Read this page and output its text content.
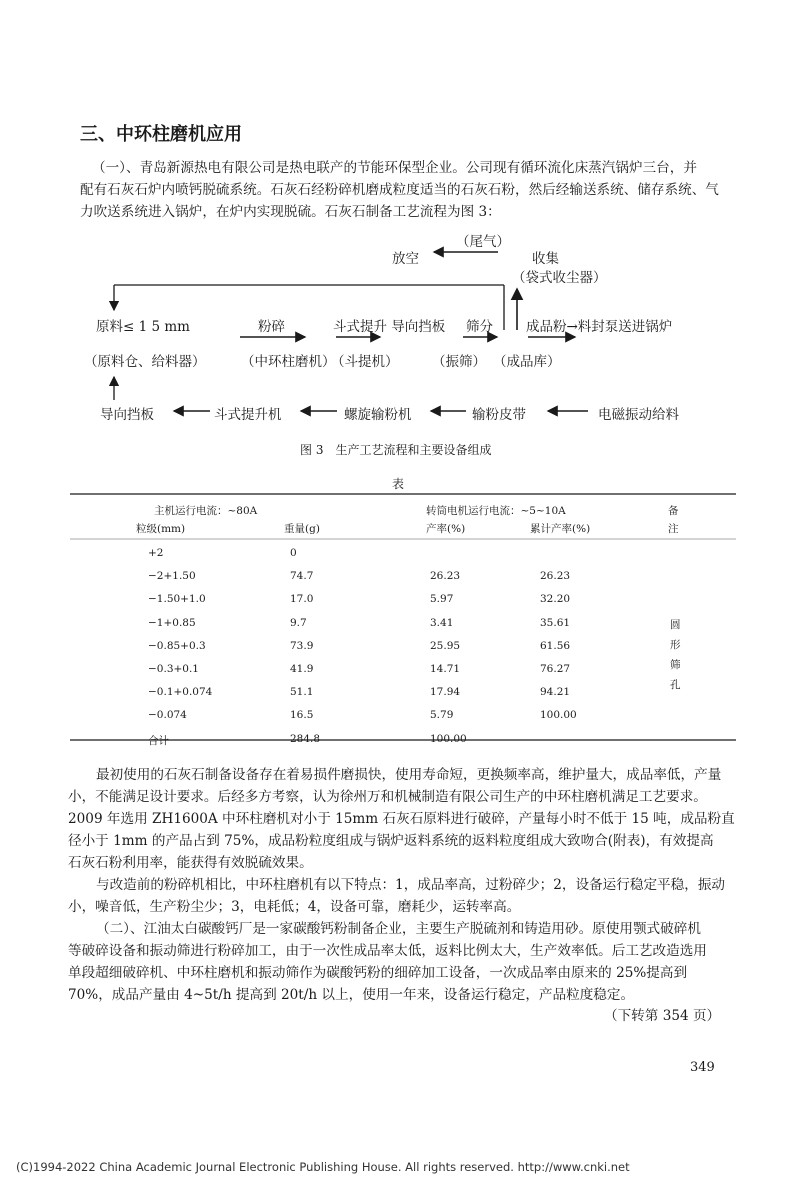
三、中环柱磨机应用
（一）、青岛新源热电有限公司是热电联产的节能环保型企业。公司现有循环流化床蒸汽锅炉三台，并
配有石灰石炉内喷钙脱硫系统。石灰石经粉碎机磨成粒度适当的石灰石粉，然后经输送系统、储存系统、气
力吹送系统进入锅炉，在炉内实现脱硫。石灰石制备工艺流程为图 3：
（尾气）
放空	收集
（袋式收尘器）
原料≤ 1 5 mm	粉碎	斗式提升 导向挡板 筛分 成品粉→料封泵送进锅炉
（原料仓、给料器）	（中环柱磨机）
（斗提机） （振筛） （成品库）
导向挡板	斗式提升机	螺旋输粉机	输粉皮带	电磁振动给料
图 3　生产工艺流程和主要设备组成
表
主机运行电流：~80A	转筒电机运行电流：~5~10A	备
注
粒级(mm)	重量(g)	产率(%)	累计产率(%)
+2	0
−2+1.50	74.7	26.23	26.23
−1.50+1.0	17.0	5.97	32.20
−1+0.85	9.7	3.41	35.61
−0.85+0.3	73.9	25.95	61.56
−0.3+0.1	41.9	14.71	76.27
−0.1+0.074	51.1	17.94	94.21
−0.074	16.5	5.79	100.00
合计	284.8	100.00
圆
形
筛
孔
最初使用的石灰石制备设备存在着易损件磨损快，使用寿命短，更换频率高，维护量大，成品率低，产量
小，不能满足设计要求。后经多方考察，认为徐州万和机械制造有限公司生产的中环柱磨机满足工艺要求。
2009 年选用 ZH1600A 中环柱磨机对小于 15mm 石灰石原料进行破碎，产量每小时不低于 15 吨，成品粉直
径小于 1mm 的产品占到 75%，成品粉粒度组成与锅炉返料系统的返料粒度组成大致吻合(附表)，有效提高
石灰石粉利用率，能获得有效脱硫效果。
与改造前的粉碎机相比，中环柱磨机有以下特点：1，成品率高，过粉碎少；2，设备运行稳定平稳，振动
小，噪音低，生产粉尘少；3，电耗低；4，设备可靠，磨耗少，运转率高。
（二）、江油太白碳酸钙厂是一家碳酸钙粉制备企业，主要生产脱硫剂和铸造用砂。原使用颚式破碎机
等破碎设备和振动筛进行粉碎加工，由于一次性成品率太低，返料比例太大，生产效率低。后工艺改造选用
单段超细破碎机、中环柱磨机和振动筛作为碳酸钙粉的细碎加工设备，一次成品率由原来的 25%提高到
70%，成品产量由 4~5t/h 提高到 20t/h 以上，使用一年来，设备运行稳定，产品粒度稳定。
（下转第 354 页）
349
(C)1994-2022 China Academic Journal Electronic Publishing House. All rights reserved. http://www.cnki.net
